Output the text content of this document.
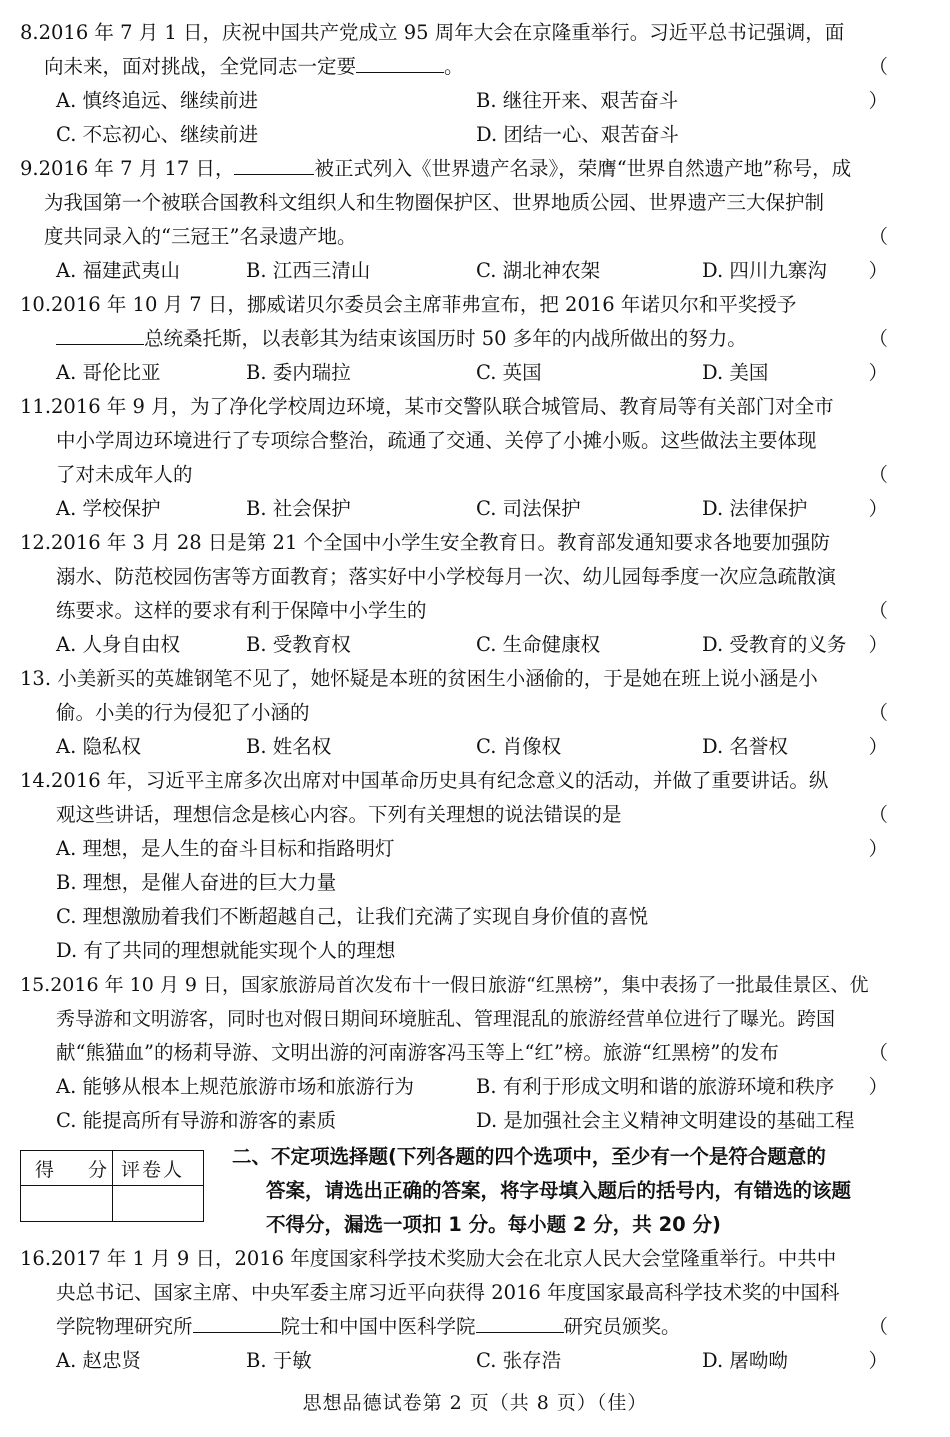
8.2016 年 7 月 1 日，庆祝中国共产党成立 95 周年大会在京隆重举行。习近平总书记强调，面
向未来，面对挑战，全党同志一定要	。	（ ）
A. 慎终追远、继续前进	B. 继往开来、艰苦奋斗
C. 不忘初心、继续前进	D. 团结一心、艰苦奋斗
9.2016 年 7 月 17 日，	被正式列入《世界遗产名录》，荣膺“世界自然遗产地”称号，成
为我国第一个被联合国教科文组织人和生物圈保护区、世界地质公园、世界遗产三大保护制
度共同录入的“三冠王”名录遗产地。	（ ）
A. 福建武夷山	B. 江西三清山	C. 湖北神农架	D. 四川九寨沟
10.2016 年 10 月 7 日，挪威诺贝尔委员会主席菲弗宣布，把 2016 年诺贝尔和平奖授予
总统桑托斯，以表彰其为结束该国历时 50 多年的内战所做出的努力。	（ ）
A. 哥伦比亚	B. 委内瑞拉	C. 英国	D. 美国
11.2016 年 9 月，为了净化学校周边环境，某市交警队联合城管局、教育局等有关部门对全市
中小学周边环境进行了专项综合整治，疏通了交通、关停了小摊小贩。这些做法主要体现
了对未成年人的	（ ）
A. 学校保护	B. 社会保护	C. 司法保护	D. 法律保护
12.2016 年 3 月 28 日是第 21 个全国中小学生安全教育日。教育部发通知要求各地要加强防
溺水、防范校园伤害等方面教育；落实好中小学校每月一次、幼儿园每季度一次应急疏散演
练要求。这样的要求有利于保障中小学生的	（ ）
A. 人身自由权	B. 受教育权	C. 生命健康权	D. 受教育的义务
13. 小美新买的英雄钢笔不见了，她怀疑是本班的贫困生小涵偷的，于是她在班上说小涵是小
偷。小美的行为侵犯了小涵的	（ ）
A. 隐私权	B. 姓名权	C. 肖像权	D. 名誉权
14.2016 年，习近平主席多次出席对中国革命历史具有纪念意义的活动，并做了重要讲话。纵
观这些讲话，理想信念是核心内容。下列有关理想的说法错误的是	（ ）
A. 理想，是人生的奋斗目标和指路明灯
B. 理想，是催人奋进的巨大力量
C. 理想激励着我们不断超越自己，让我们充满了实现自身价值的喜悦
D. 有了共同的理想就能实现个人的理想
15.2016 年 10 月 9 日，国家旅游局首次发布十一假日旅游“红黑榜”，集中表扬了一批最佳景区、优
秀导游和文明游客，同时也对假日期间环境脏乱、管理混乱的旅游经营单位进行了曝光。跨国
献“熊猫血”的杨莉导游、文明出游的河南游客冯玉等上“红”榜。旅游“红黑榜”的发布	（ ）
A. 能够从根本上规范旅游市场和旅游行为	B. 有利于形成文明和谐的旅游环境和秩序
C. 能提高所有导游和游客的素质	D. 是加强社会主义精神文明建设的基础工程
得 分 评卷人
二、不定项选择题(下列各题的四个选项中，至少有一个是符合题意的
答案，请选出正确的答案，将字母填入题后的括号内，有错选的该题
不得分，漏选一项扣 1 分。每小题 2 分，共 20 分)
16.2017 年 1 月 9 日，2016 年度国家科学技术奖励大会在北京人民大会堂隆重举行。中共中
央总书记、国家主席、中央军委主席习近平向获得 2016 年度国家最高科学技术奖的中国科
学院物理研究所	院士和中国中医科学院	研究员颁奖。	（ ）
A. 赵忠贤	B. 于敏	C. 张存浩	D. 屠呦呦
思想品德试卷第 2 页（共 8 页）（佳）
